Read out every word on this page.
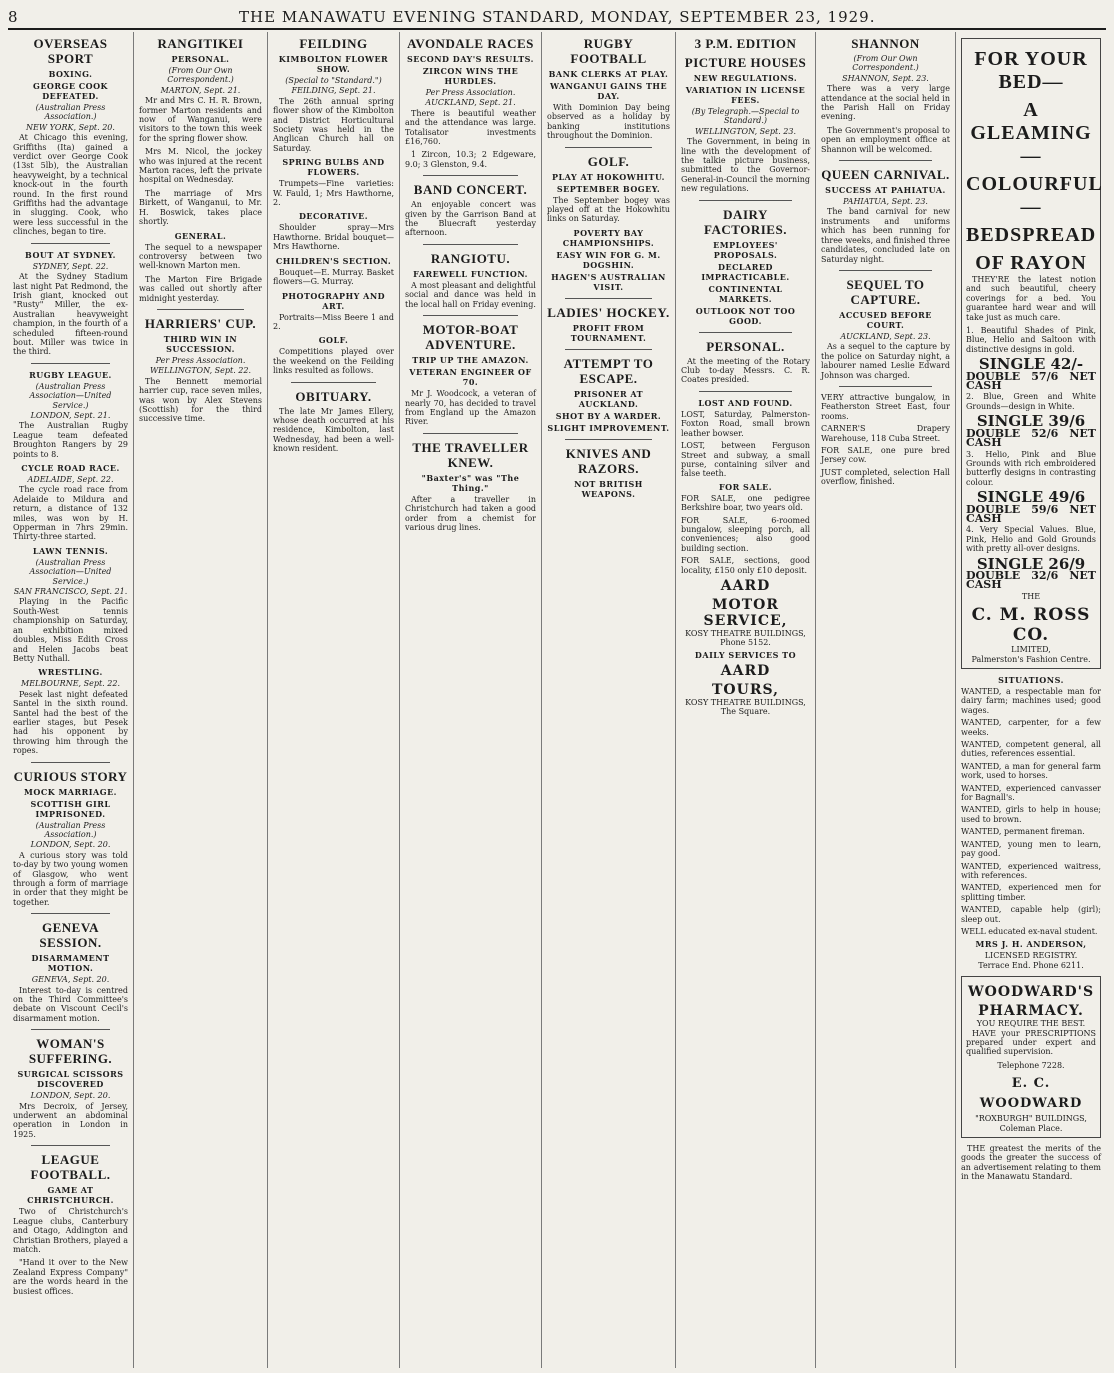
8	THE MANAWATU EVENING STANDARD, MONDAY, SEPTEMBER 23, 1929.
OVERSEAS SPORT
BOXING.
GEORGE COOK DEFEATED.
(Australian Press Association.)
NEW YORK, Sept. 20.

At Chicago this evening, Griffiths (Ita) gained a verdict over George Cook (13st 5lb), the Australian heavyweight, by a technical knock-out in the fourth round. In the first round Griffiths had the advantage in slugging. Cook, who were less successful in the clinches, began to tire.

BOUT AT SYDNEY.
SYDNEY, Sept. 22.

At the Sydney Stadium last night Pat Redmond, the Irish giant, knocked out "Rusty" Miller, the ex-Australian heavyweight champion, in the fourth of a scheduled fifteen-round bout. Miller was twice in the third.

RUGBY LEAGUE.
(Australian Press Association—United Service.)
LONDON, Sept. 21.

The Australian Rugby League team defeated Broughton Rangers by 29 points to 8.

CYCLE ROAD RACE.
ADELAIDE, Sept. 22.

The cycle road race from Adelaide to Mildura and return, a distance of 132 miles, was won by H. Opperman in 7hrs 29min. Thirty-three started.

LAWN TENNIS.
(Australian Press Association—United Service.)
SAN FRANCISCO, Sept. 21.

Playing in the Pacific South-West tennis championship on Saturday, an exhibition mixed doubles, Miss Edith Cross and Helen Jacobs beat Betty Nuthall.

WRESTLING.
MELBOURNE, Sept. 22.

Pesek last night defeated Santel in the sixth round. Santel had the best of the earlier stages, but Pesek had his opponent by throwing him through the ropes.

CURIOUS STORY
MOCK MARRIAGE.
SCOTTISH GIRL IMPRISONED.
(Australian Press Association.)
LONDON, Sept. 20.

A curious story was told to-day by two young women of Glasgow, who went through a form of marriage in order that they might be together.

GENEVA SESSION.
DISARMAMENT MOTION.
GENEVA, Sept. 20.

Interest to-day is centred on the Third Committee's debate on Viscount Cecil's disarmament motion.

WOMAN'S SUFFERING.
SURGICAL SCISSORS DISCOVERED
LONDON, Sept. 20.

Mrs Decroix, of Jersey, underwent an abdominal operation in London in 1925.

LEAGUE FOOTBALL.
GAME AT CHRISTCHURCH.

Two of Christchurch's League clubs, Canterbury and Otago, Addington and Christian Brothers, played a match.

"Hand it over to the New Zealand Express Company" are the words heard in the busiest offices.

RANGITIKEI
PERSONAL.
(From Our Own Correspondent.)
MARTON, Sept. 21.

Mr and Mrs C. H. R. Brown, former Marton residents and now of Wanganui, were visitors to the town this week for the spring flower show.

Mrs M. Nicol, the jockey who was injured at the recent Marton races, left the private hospital on Wednesday.

The marriage of Mrs Birkett, of Wanganui, to Mr. H. Boswick, takes place shortly.

GENERAL.

The sequel to a newspaper controversy between two well-known Marton men.

The Marton Fire Brigade was called out shortly after midnight yesterday.

HARRIERS' CUP.
THIRD WIN IN SUCCESSION.
Per Press Association.
WELLINGTON, Sept. 22.

The Bennett memorial harrier cup, race seven miles, was won by Alex Stevens (Scottish) for the third successive time.

FEILDING
KIMBOLTON FLOWER SHOW.
(Special to "Standard.")
FEILDING, Sept. 21.

The 26th annual spring flower show of the Kimbolton and District Horticultural Society was held in the Anglican Church hall on Saturday.

SPRING BULBS AND FLOWERS.

Trumpets—Fine varieties: W. Fauld, 1; Mrs Hawthorne, 2.

DECORATIVE.

Shoulder spray—Mrs Hawthorne. Bridal bouquet—Mrs Hawthorne.

CHILDREN'S SECTION.

Bouquet—E. Murray. Basket flowers—G. Murray.

PHOTOGRAPHY AND ART.

Portraits—Miss Beere 1 and 2.

GOLF.

Competitions played over the weekend on the Feilding links resulted as follows.

OBITUARY.

The late Mr James Ellery, whose death occurred at his residence, Kimbolton, last Wednesday, had been a well-known resident.

AVONDALE RACES
SECOND DAY'S RESULTS.
ZIRCON WINS THE HURDLES.
Per Press Association.
AUCKLAND, Sept. 21.

There is beautiful weather and the attendance was large. Totalisator investments £16,760.

1 Zircon, 10.3; 2 Edgeware, 9.0; 3 Glenston, 9.4.

BAND CONCERT.

An enjoyable concert was given by the Garrison Band at the Bluecraft yesterday afternoon.

RANGIOTU.
FAREWELL FUNCTION.

A most pleasant and delightful social and dance was held in the local hall on Friday evening.

MOTOR-BOAT ADVENTURE.
TRIP UP THE AMAZON.
VETERAN ENGINEER OF 70.

Mr J. Woodcock, a veteran of nearly 70, has decided to travel from England up the Amazon River.

THE TRAVELLER KNEW.
"Baxter's" was "The Thing."

After a traveller in Christchurch had taken a good order from a chemist for various drug lines.

RUGBY FOOTBALL
BANK CLERKS AT PLAY.
WANGANUI GAINS THE DAY.

With Dominion Day being observed as a holiday by banking institutions throughout the Dominion.

GOLF.
PLAY AT HOKOWHITU.
SEPTEMBER BOGEY.

The September bogey was played off at the Hokowhitu links on Saturday.

POVERTY BAY CHAMPIONSHIPS.
EASY WIN FOR G. M. DOGSHIN.
HAGEN'S AUSTRALIAN VISIT.
LADIES' HOCKEY.
PROFIT FROM TOURNAMENT.
ATTEMPT TO ESCAPE.
PRISONER AT AUCKLAND.
SHOT BY A WARDER.
SLIGHT IMPROVEMENT.
KNIVES AND RAZORS.
NOT BRITISH WEAPONS.
3 P.M. EDITION
PICTURE HOUSES
NEW REGULATIONS.
VARIATION IN LICENSE FEES.
(By Telegraph.—Special to Standard.)
WELLINGTON, Sept. 23.

The Government, in being in line with the development of the talkie picture business, submitted to the Governor-General-in-Council the morning new regulations.

DAIRY FACTORIES.
EMPLOYEES' PROPOSALS.
DECLARED IMPRACTICABLE.
CONTINENTAL MARKETS.
OUTLOOK NOT TOO GOOD.
PERSONAL.

At the meeting of the Rotary Club to-day Messrs. C. R. Coates presided.

LOST AND FOUND.

LOST, Saturday, Palmerston-Foxton Road, small brown leather bowser.

LOST, between Ferguson Street and subway, a small purse, containing silver and false teeth.

FOR SALE.

FOR SALE, one pedigree Berkshire boar, two years old.

FOR SALE, 6-roomed bungalow, sleeping porch, all conveniences; also good building section.

FOR SALE, sections, good locality, £150 only £10 deposit.

AARD
MOTOR SERVICE,
KOSY THEATRE BUILDINGS, Phone 5152.
DAILY SERVICES TO
AARD
TOURS,
KOSY THEATRE BUILDINGS, The Square.
SHANNON
(From Our Own Correspondent.)
SHANNON, Sept. 23.

There was a very large attendance at the social held in the Parish Hall on Friday evening.

The Government's proposal to open an employment office at Shannon will be welcomed.

QUEEN CARNIVAL.
SUCCESS AT PAHIATUA.
PAHIATUA, Sept. 23.

The band carnival for new instruments and uniforms which has been running for three weeks, and finished three candidates, concluded late on Saturday night.

SEQUEL TO CAPTURE.
ACCUSED BEFORE COURT.
AUCKLAND, Sept. 23.

As a sequel to the capture by the police on Saturday night, a labourer named Leslie Edward Johnson was charged.

VERY attractive bungalow, in Featherston Street East, four rooms.

CARNER'S Drapery Warehouse, 118 Cuba Street.

FOR SALE, one pure bred Jersey cow.

JUST completed, selection Hall overflow, finished.

FOR YOUR BED—
A GLEAMING—
COLOURFUL—
BEDSPREAD
OF RAYON

THEY'RE the latest notion and such beautiful, cheery coverings for a bed. You guarantee hard wear and will take just as much care.

1. Beautiful Shades of Pink, Blue, Helio and Saltoon with distinctive designs in gold.

SINGLE 42/-
DOUBLE 57/6 NET CASH

2. Blue, Green and White Grounds—design in White.

SINGLE 39/6
DOUBLE 52/6 NET CASH

3. Helio, Pink and Blue Grounds with rich embroidered butterfly designs in contrasting colour.

SINGLE 49/6
DOUBLE 59/6 NET CASH

4. Very Special Values. Blue, Pink, Helio and Gold Grounds with pretty all-over designs.

SINGLE 26/9
DOUBLE 32/6 NET CASH
THE
C. M. ROSS CO.
LIMITED,
Palmerston's Fashion Centre.
SITUATIONS.

WANTED, a respectable man for dairy farm; machines used; good wages.

WANTED, carpenter, for a few weeks.

WANTED, competent general, all duties, references essential.

WANTED, a man for general farm work, used to horses.

WANTED, experienced canvasser for Bagnall's.

WANTED, girls to help in house; used to brown.

WANTED, permanent fireman.

WANTED, young men to learn, pay good.

WANTED, experienced waitress, with references.

WANTED, experienced men for splitting timber.

WANTED, capable help (girl); sleep out.

WELL educated ex-naval student.

MRS J. H. ANDERSON,
LICENSED REGISTRY.
Terrace End. Phone 6211.
WOODWARD'S
PHARMACY.
YOU REQUIRE THE BEST.

HAVE your PRESCRIPTIONS prepared under expert and qualified supervision.

Telephone 7228.
E. C. WOODWARD
"ROXBURGH" BUILDINGS,
Coleman Place.

THE greatest the merits of the goods the greater the success of an advertisement relating to them in the Manawatu Standard.
